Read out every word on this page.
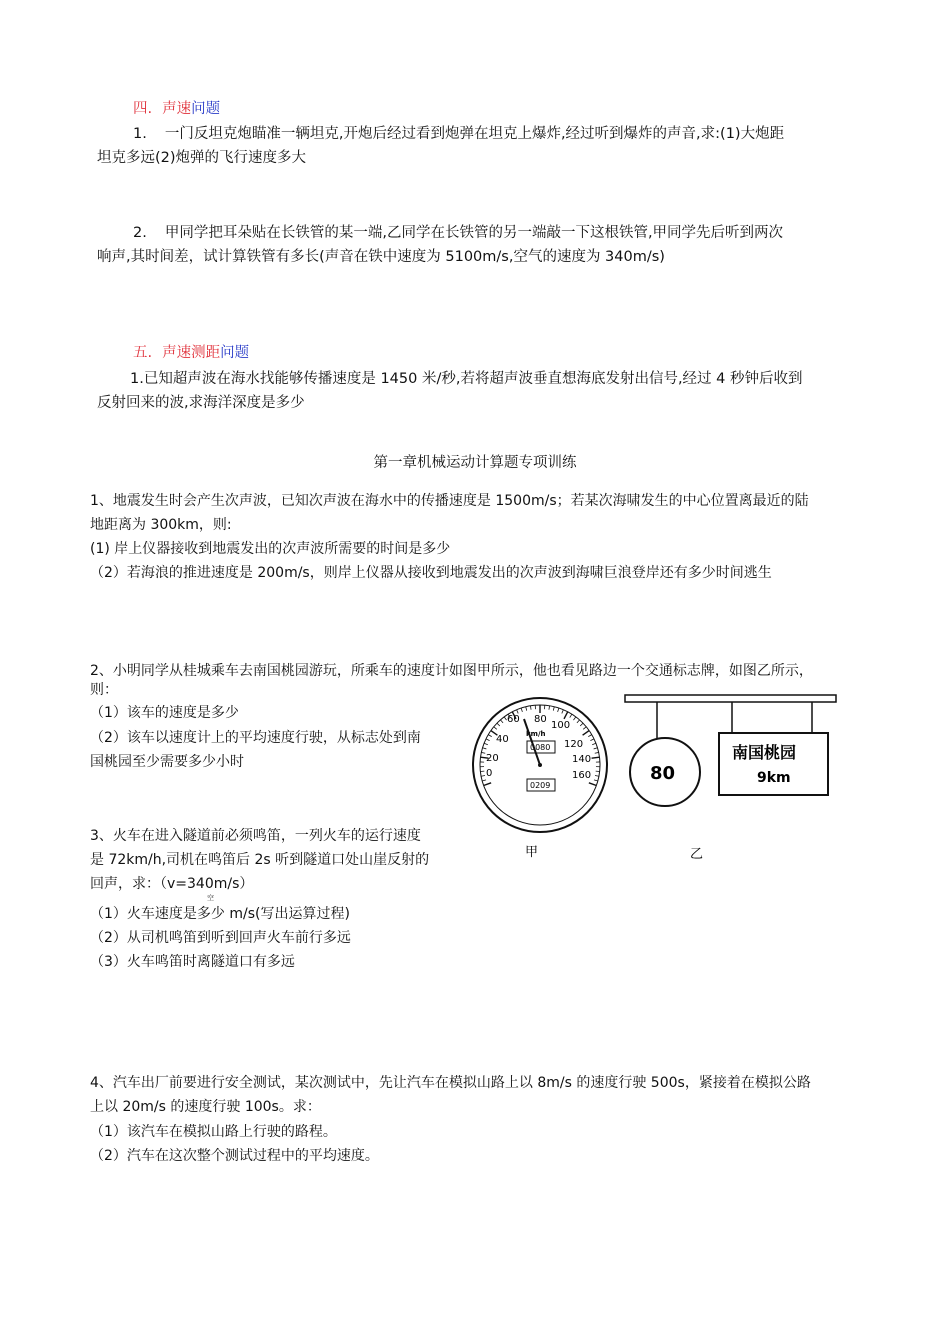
四. 声速问题
1. 一门反坦克炮瞄准一辆坦克,开炮后经过看到炮弹在坦克上爆炸,经过听到爆炸的声音,求:(1)大炮距
坦克多远(2)炮弹的飞行速度多大
2. 甲同学把耳朵贴在长铁管的某一端,乙同学在长铁管的另一端敲一下这根铁管,甲同学先后听到两次
响声,其时间差，试计算铁管有多长(声音在铁中速度为 5100m/s,空气的速度为 340m/s)
五. 声速测距问题
1.已知超声波在海水找能够传播速度是 1450 米/秒,若将超声波垂直想海底发射出信号,经过 4 秒钟后收到
反射回来的波,求海洋深度是多少
第一章机械运动计算题专项训练
1、地震发生时会产生次声波，已知次声波在海水中的传播速度是 1500m/s；若某次海啸发生的中心位置离最近的陆
地距离为 300km，则:
(1) 岸上仪器接收到地震发出的次声波所需要的时间是多少
（2）若海浪的推进速度是 200m/s，则岸上仪器从接收到地震发出的次声波到海啸巨浪登岸还有多少时间逃生
2、小明同学从桂城乘车去南国桃园游玩，所乘车的速度计如图甲所示，他也看见路边一个交通标志牌，如图乙所示，
则：
（1）该车的速度是多少
（2）该车以速度计上的平均速度行驶，从标志处到南
国桃园至少需要多少小时
3、火车在进入隧道前必须鸣笛，一列火车的运行速度
是 72km/h,司机在鸣笛后 2s 听到隧道口处山崖反射的
回声，求：（v=340m/s）
空
（1）火车速度是多少 m/s(写出运算过程)
（2）从司机鸣笛到听到回声火车前行多远
（3）火车鸣笛时离隧道口有多远
4、汽车出厂前要进行安全测试，某次测试中，先让汽车在模拟山路上以 8m/s 的速度行驶 500s，紧接着在模拟公路
上以 20m/s 的速度行驶 100s。求：
（1）该汽车在模拟山路上行驶的路程。
（2）汽车在这次整个测试过程中的平均速度。
60 80
100
40	120
20	140
0	160
km/h
0080
0209
甲
80
南国桃园
9km
乙
